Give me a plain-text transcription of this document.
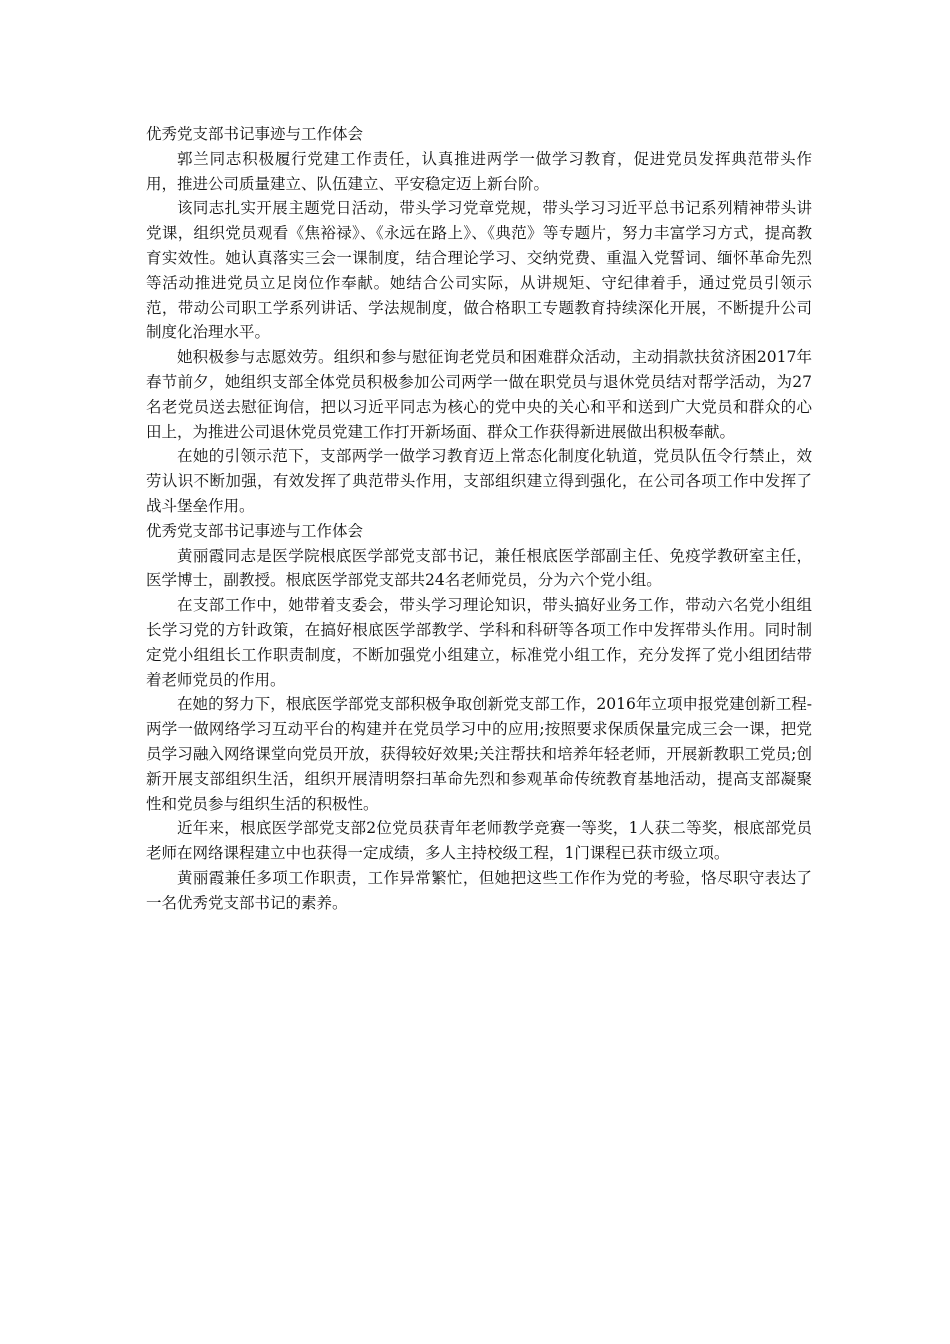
优秀党支部书记事迹与工作体会

郭兰同志积极履行党建工作责任，认真推进两学一做学习教育，促进党员发挥典范带头作用，推进公司质量建立、队伍建立、平安稳定迈上新台阶。

该同志扎实开展主题党日活动，带头学习党章党规，带头学习习近平总书记系列精神带头讲党课，组织党员观看《焦裕禄》、《永远在路上》、《典范》等专题片，努力丰富学习方式，提高教育实效性。她认真落实三会一课制度，结合理论学习、交纳党费、重温入党誓词、缅怀革命先烈等活动推进党员立足岗位作奉献。她结合公司实际，从讲规矩、守纪律着手，通过党员引领示范，带动公司职工学系列讲话、学法规制度，做合格职工专题教育持续深化开展，不断提升公司制度化治理水平。

她积极参与志愿效劳。组织和参与慰征询老党员和困难群众活动，主动捐款扶贫济困2017年春节前夕，她组织支部全体党员积极参加公司两学一做在职党员与退休党员结对帮学活动，为27名老党员送去慰征询信，把以习近平同志为核心的党中央的关心和平和送到广大党员和群众的心田上，为推进公司退休党员党建工作打开新场面、群众工作获得新进展做出积极奉献。

在她的引领示范下，支部两学一做学习教育迈上常态化制度化轨道，党员队伍令行禁止，效劳认识不断加强，有效发挥了典范带头作用，支部组织建立得到强化，在公司各项工作中发挥了战斗堡垒作用。

优秀党支部书记事迹与工作体会

黄丽霞同志是医学院根底医学部党支部书记，兼任根底医学部副主任、免疫学教研室主任，医学博士，副教授。根底医学部党支部共24名老师党员，分为六个党小组。

在支部工作中，她带着支委会，带头学习理论知识，带头搞好业务工作，带动六名党小组组长学习党的方针政策，在搞好根底医学部教学、学科和科研等各项工作中发挥带头作用。同时制定党小组组长工作职责制度，不断加强党小组建立，标准党小组工作，充分发挥了党小组团结带着老师党员的作用。

在她的努力下，根底医学部党支部积极争取创新党支部工作，2016年立项申报党建创新工程-两学一做网络学习互动平台的构建并在党员学习中的应用;按照要求保质保量完成三会一课，把党员学习融入网络课堂向党员开放，获得较好效果;关注帮扶和培养年轻老师，开展新教职工党员;创新开展支部组织生活，组织开展清明祭扫革命先烈和参观革命传统教育基地活动，提高支部凝聚性和党员参与组织生活的积极性。

近年来，根底医学部党支部2位党员获青年老师教学竞赛一等奖，1人获二等奖，根底部党员老师在网络课程建立中也获得一定成绩，多人主持校级工程，1门课程已获市级立项。

黄丽霞兼任多项工作职责，工作异常繁忙，但她把这些工作作为党的考验，恪尽职守表达了一名优秀党支部书记的素养。
